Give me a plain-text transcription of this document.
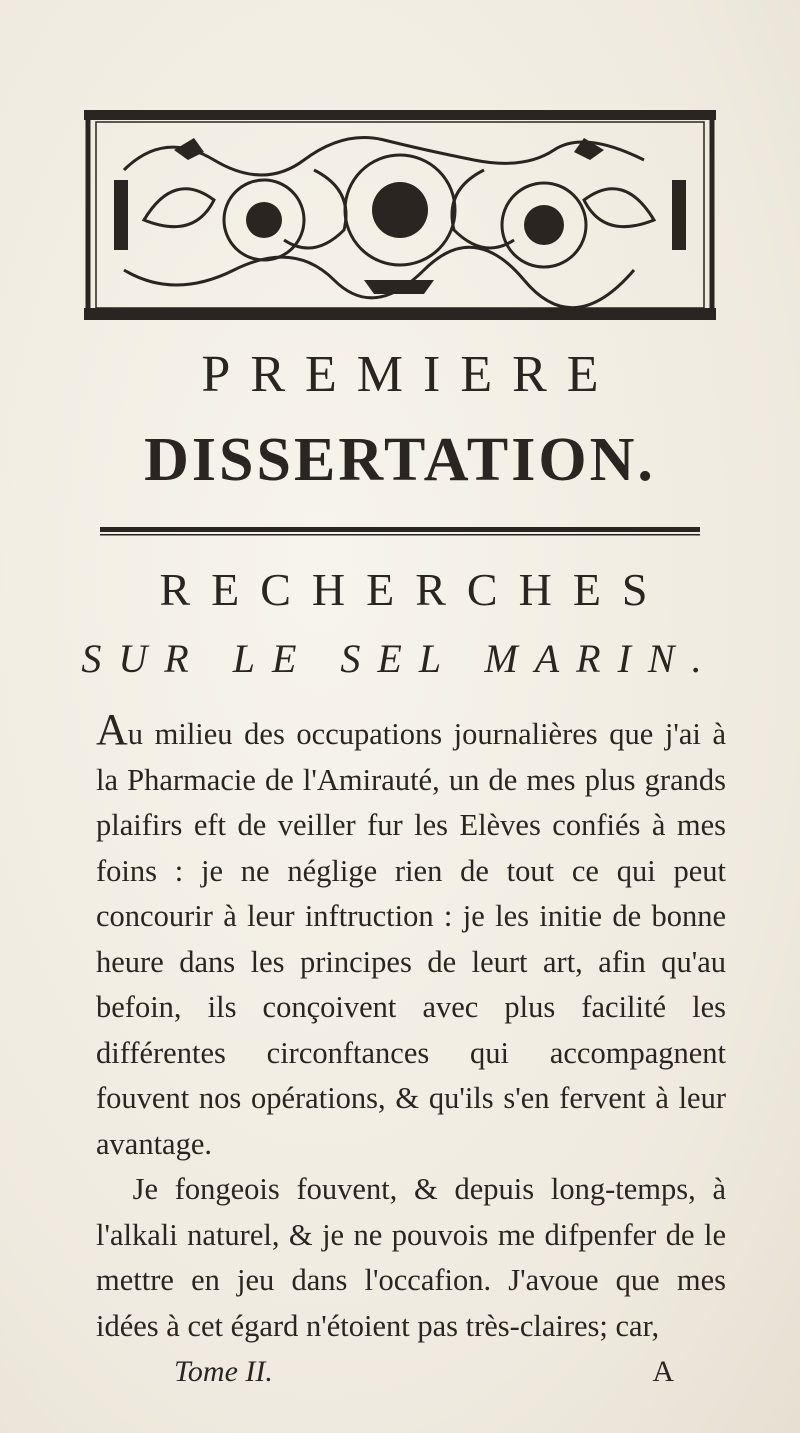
PREMIERE
DISSERTATION.
RECHERCHES
SUR LE SEL MARIN.

Au milieu des occupations journalières que j'ai à la Pharmacie de l'Amirauté, un de mes plus grands plaifirs eft de veiller fur les Elèves confiés à mes foins : je ne néglige rien de tout ce qui peut concourir à leur inftruction : je les initie de bonne heure dans les principes de leurt art, afin qu'au befoin, ils conçoivent avec plus facilité les différentes circonftances qui accompagnent fouvent nos opérations, & qu'ils s'en fervent à leur avantage.

Je fongeois fouvent, & depuis long-temps, à l'alkali naturel, & je ne pouvois me difpenfer de le mettre en jeu dans l'occafion. J'avoue que mes idées à cet égard n'étoient pas très-claires; car,

Tome II.	A
